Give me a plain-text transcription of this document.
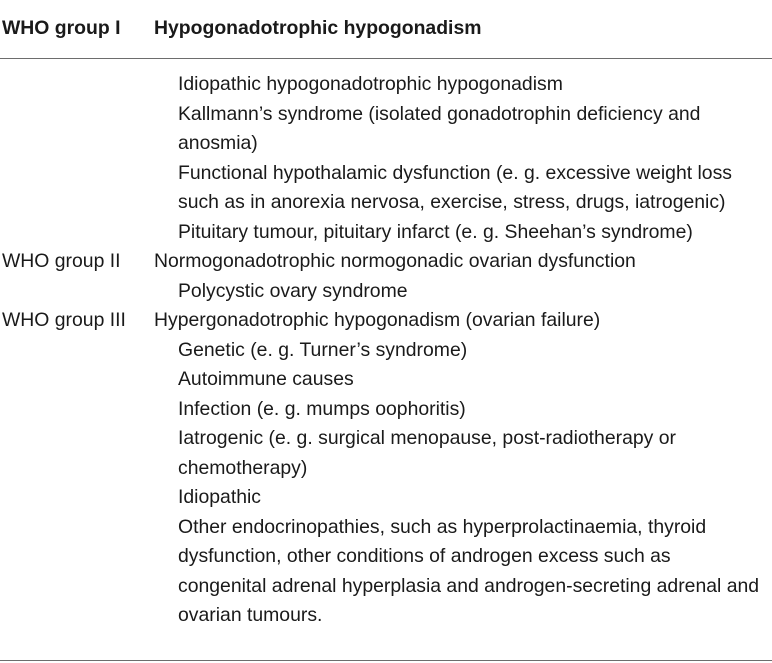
WHO group I Hypogonadotrophic hypogonadism
Idiopathic hypogonadotrophic hypogonadism
Kallmann’s syndrome (isolated gonadotrophin deficiency and anosmia)
Functional hypothalamic dysfunction (e. g. excessive weight loss such as in anorexia nervosa, exercise, stress, drugs, iatrogenic)
Pituitary tumour, pituitary infarct (e. g. Sheehan’s syndrome)
WHO group II Normogonadotrophic normogonadic ovarian dysfunction
Polycystic ovary syndrome
WHO group III Hypergonadotrophic hypogonadism (ovarian failure)
Genetic (e. g. Turner’s syndrome)
Autoimmune causes
Infection (e. g. mumps oophoritis)
Iatrogenic (e. g. surgical menopause, post-radiotherapy or chemotherapy)
Idiopathic
Other endocrinopathies, such as hyperprolactinaemia, thyroid dysfunction, other conditions of androgen excess such as congenital adrenal hyperplasia and androgen-secreting adrenal and ovarian tumours.
